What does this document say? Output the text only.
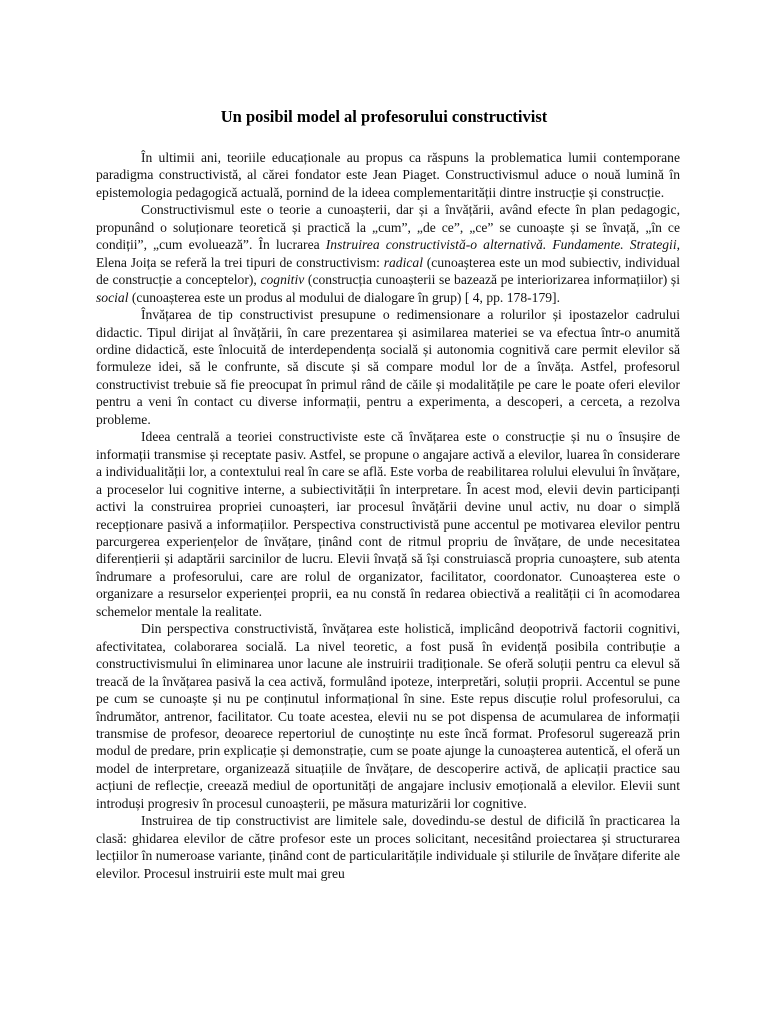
Un posibil model al profesorului constructivist

În ultimii ani, teoriile educaționale au propus ca răspuns la problematica lumii contemporane paradigma constructivistă, al cărei fondator este Jean Piaget. Constructivismul aduce o nouă lumină în epistemologia pedagogică actuală, pornind de la ideea complementarității dintre instrucție și construcție.

Constructivismul este o teorie a cunoașterii, dar și a învățării, având efecte în plan pedagogic, propunând o soluționare teoretică și practică la „cum”, „de ce”, „ce” se cunoaște și se învață, „în ce condiții”, „cum evoluează”. În lucrarea Instruirea constructivistă-o alternativă. Fundamente. Strategii, Elena Joița se referă la trei tipuri de constructivism: radical (cunoașterea este un mod subiectiv, individual de construcție a conceptelor), cognitiv (construcția cunoașterii se bazează pe interiorizarea informațiilor) și social (cunoașterea este un produs al modului de dialogare în grup) [ 4, pp. 178-179].

Învățarea de tip constructivist presupune o redimensionare a rolurilor și ipostazelor cadrului didactic. Tipul dirijat al învățării, în care prezentarea și asimilarea materiei se va efectua într-o anumită ordine didactică, este înlocuită de interdependența socială și autonomia cognitivă care permit elevilor să formuleze idei, să le confrunte, să discute și să compare modul lor de a învăța. Astfel, profesorul constructivist trebuie să fie preocupat în primul rând de căile și modalitățile pe care le poate oferi elevilor pentru a veni în contact cu diverse informații, pentru a experimenta, a descoperi, a cerceta, a rezolva probleme.

Ideea centrală a teoriei constructiviste este că învățarea este o construcție și nu o însușire de informații transmise și receptate pasiv. Astfel, se propune o angajare activă a elevilor, luarea în considerare a individualității lor, a contextului real în care se află. Este vorba de reabilitarea rolului elevului în învățare, a proceselor lui cognitive interne, a subiectivității în interpretare. În acest mod, elevii devin participanți activi la construirea propriei cunoașteri, iar procesul învățării devine unul activ, nu doar o simplă recepționare pasivă a informațiilor. Perspectiva constructivistă pune accentul pe motivarea elevilor pentru parcurgerea experiențelor de învățare, ținând cont de ritmul propriu de învățare, de unde necesitatea diferențierii și adaptării sarcinilor de lucru. Elevii învață să își construiască propria cunoaștere, sub atenta îndrumare a profesorului, care are rolul de organizator, facilitator, coordonator. Cunoașterea este o organizare a resurselor experienței proprii, ea nu constă în redarea obiectivă a realității ci în acomodarea schemelor mentale la realitate.

Din perspectiva constructivistă, învățarea este holistică, implicând deopotrivă factorii cognitivi, afectivitatea, colaborarea socială. La nivel teoretic, a fost pusă în evidență posibila contribuție a constructivismului în eliminarea unor lacune ale instruirii tradiționale. Se oferă soluții pentru ca elevul să treacă de la învățarea pasivă la cea activă, formulând ipoteze, interpretări, soluții proprii. Accentul se pune pe cum se cunoaște și nu pe conținutul informațional în sine. Este repus discuție rolul profesorului, ca îndrumător, antrenor, facilitator. Cu toate acestea, elevii nu se pot dispensa de acumularea de informații transmise de profesor, deoarece repertoriul de cunoștințe nu este încă format. Profesorul sugerează prin modul de predare, prin explicație și demonstrație, cum se poate ajunge la cunoașterea autentică, el oferă un model de interpretare, organizează situațiile de învățare, de descoperire activă, de aplicații practice sau acțiuni de reflecție, creează mediul de oportunități de angajare inclusiv emoțională a elevilor. Elevii sunt introduși progresiv în procesul cunoașterii, pe măsura maturizării lor cognitive.

Instruirea de tip constructivist are limitele sale, dovedindu-se destul de dificilă în practicarea la clasă: ghidarea elevilor de către profesor este un proces solicitant, necesitând proiectarea și structurarea lecțiilor în numeroase variante, ținând cont de particularitățile individuale și stilurile de învățare diferite ale elevilor. Procesul instruirii este mult mai greu
